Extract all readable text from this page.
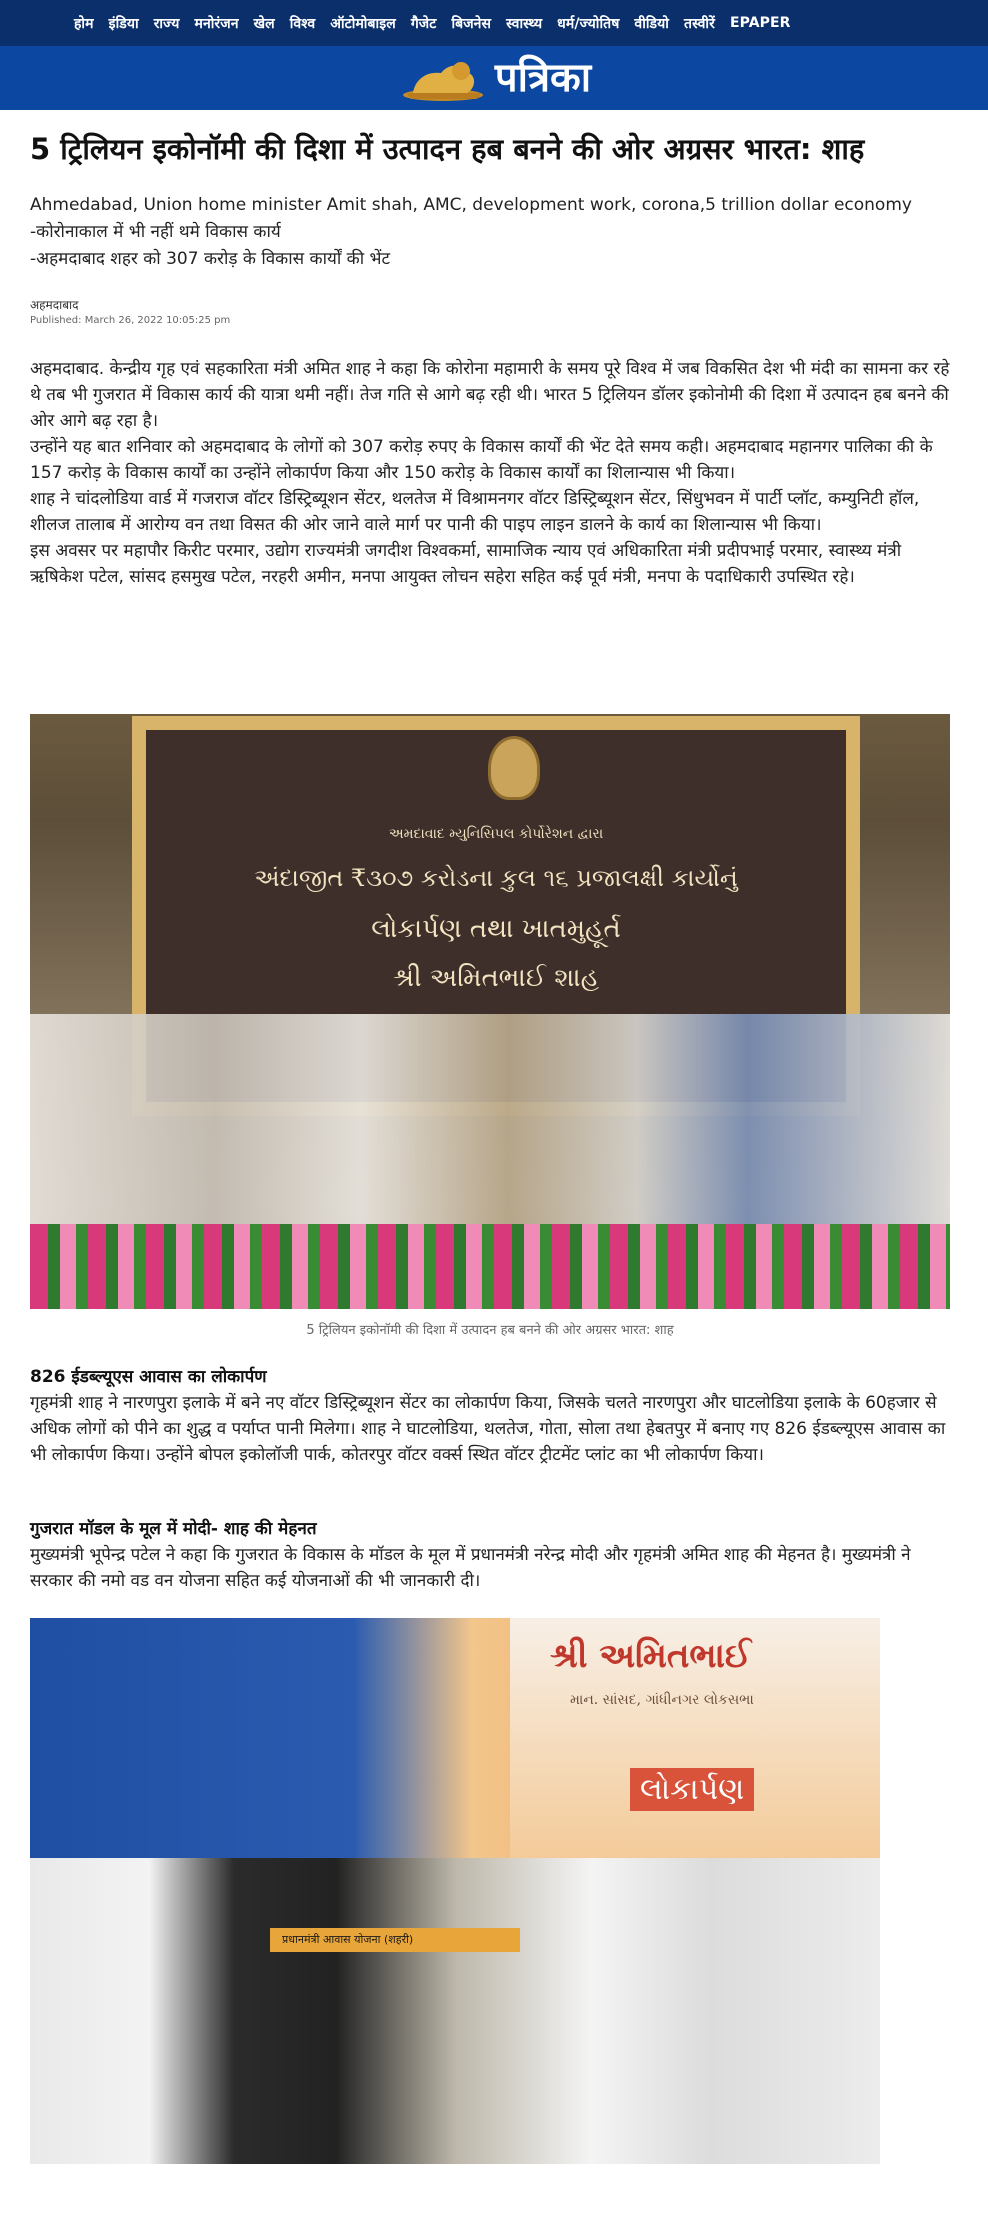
होम इंडिया राज्य मनोरंजन खेल विश्व ऑटोमोबाइल गैजेट बिजनेस स्वास्थ्य धर्म/ज्योतिष वीडियो तस्वीरें EPAPER
पत्रिका
5 ट्रिलियन इकोनॉमी की दिशा में उत्पादन हब बनने की ओर अग्रसर भारत: शाह
Ahmedabad, Union home minister Amit shah, AMC, development work, corona,5 trillion dollar economy
-कोरोनाकाल में भी नहीं थमे विकास कार्य
-अहमदाबाद शहर को 307 करोड़ के विकास कार्यों की भेंट
अहमदाबाद
Published: March 26, 2022 10:05:25 pm

अहमदाबाद. केन्द्रीय गृह एवं सहकारिता मंत्री अमित शाह ने कहा कि कोरोना महामारी के समय पूरे विश्व में जब विकसित देश भी मंदी का सामना कर रहे थे तब भी गुजरात में विकास कार्य की यात्रा थमी नहीं। तेज गति से आगे बढ़ रही थी। भारत 5 ट्रिलियन डॉलर इकोनोमी की दिशा में उत्पादन हब बनने की ओर आगे बढ़ रहा है।

उन्होंने यह बात शनिवार को अहमदाबाद के लोगों को 307 करोड़ रुपए के विकास कार्यों की भेंट देते समय कही। अहमदाबाद महानगर पालिका की के 157 करोड़ के विकास कार्यों का उन्होंने लोकार्पण किया और 150 करोड़ के विकास कार्यों का शिलान्यास भी किया।

शाह ने चांदलोडिया वार्ड में गजराज वॉटर डिस्ट्रिब्यूशन सेंटर, थलतेज में विश्रामनगर वॉटर डिस्ट्रिब्यूशन सेंटर, सिंधुभवन में पार्टी प्लॉट, कम्युनिटी हॉल, शीलज तालाब में आरोग्य वन तथा विसत की ओर जाने वाले मार्ग पर पानी की पाइप लाइन डालने के कार्य का शिलान्यास भी किया।

इस अवसर पर महापौर किरीट परमार, उद्योग राज्यमंत्री जगदीश विश्वकर्मा, सामाजिक न्याय एवं अधिकारिता मंत्री प्रदीपभाई परमार, स्वास्थ्य मंत्री ऋषिकेश पटेल, सांसद हसमुख पटेल, नरहरी अमीन, मनपा आयुक्त लोचन सहेरा सहित कई पूर्व मंत्री, मनपा के पदाधिकारी उपस्थित रहे।

અમદાવાદ મ્યુનિસિપલ કોર્પોરેશન દ્વારા
અંદાજીત ₹૩૦૭ કરોડના કુલ ૧૬ પ્રજાલક્ષી કાર્યોનું
લોકાર્પણ તથા ખાતમુહૂર્ત
શ્રી અમિતભાઈ શાહ
5 ट्रिलियन इकोनॉमी की दिशा में उत्पादन हब बनने की ओर अग्रसर भारत: शाह
826 ईडब्ल्यूएस आवास का लोकार्पण
गृहमंत्री शाह ने नारणपुरा इलाके में बने नए वॉटर डिस्ट्रिब्यूशन सेंटर का लोकार्पण किया, जिसके चलते नारणपुरा और घाटलोडिया इलाके के 60हजार से अधिक लोगों को पीने का शुद्ध व पर्याप्त पानी मिलेगा। शाह ने घाटलोडिया, थलतेज, गोता, सोला तथा हेबतपुर में बनाए गए 826 ईडब्ल्यूएस आवास का भी लोकार्पण किया। उन्होंने बोपल इकोलॉजी पार्क, कोतरपुर वॉटर वर्क्स स्थित वॉटर ट्रीटमेंट प्लांट का भी लोकार्पण किया।
गुजरात मॉडल के मूल में मोदी- शाह की मेहनत
मुख्यमंत्री भूपेन्द्र पटेल ने कहा कि गुजरात के विकास के मॉडल के मूल में प्रधानमंत्री नरेन्द्र मोदी और गृहमंत्री अमित शाह की मेहनत है। मुख्यमंत्री ने सरकार की नमो वड वन योजना सहित कई योजनाओं की भी जानकारी दी।
શ્રી અમિતભાઈ
માન. સાંસદ, ગાંધીનગર લોકસભા
લોકાર્પણ
प्रधानमंत्री आवास योजना (शहरी)
